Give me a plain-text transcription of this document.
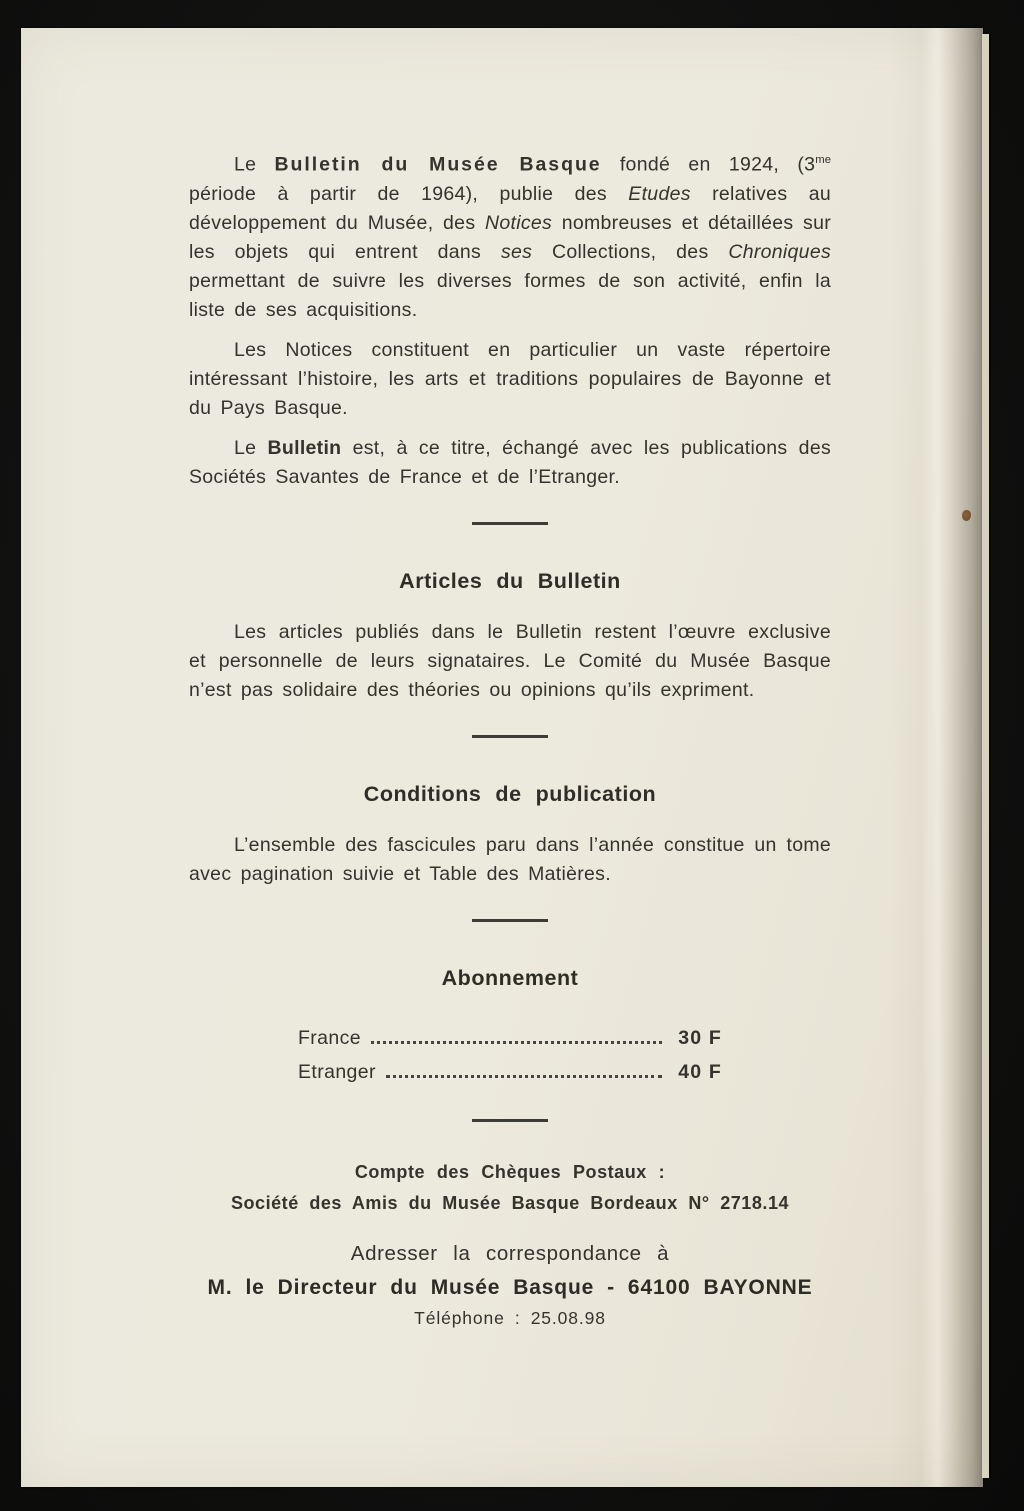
Le Bulletin du Musée Basque fondé en 1924, ($3^{me}$ période à partir de 1964), publie des Etudes relatives au développement du Musée, des Notices nombreuses et détaillées sur les objets qui entrent dans ses Collections, des Chroniques permettant de suivre les diverses formes de son activité, enfin la liste de ses acquisitions.

Les Notices constituent en particulier un vaste répertoire intéressant l’histoire, les arts et traditions populaires de Bayonne et du Pays Basque.

Le Bulletin est, à ce titre, échangé avec les publications des Sociétés Savantes de France et de l’Etranger.

Articles du Bulletin

Les articles publiés dans le Bulletin restent l’œuvre exclusive et personnelle de leurs signataires. Le Comité du Musée Basque n’est pas solidaire des théories ou opinions qu’ils expriment.

Conditions de publication

L’ensemble des fascicules paru dans l’année constitue un tome avec pagination suivie et Table des Matières.

Abonnement
France	30 F
Etranger	40 F

Compte des Chèques Postaux :

Société des Amis du Musée Basque Bordeaux N° 2718.14

Adresser la correspondance à

M. le Directeur du Musée Basque - 64100 BAYONNE

Téléphone : 25.08.98
